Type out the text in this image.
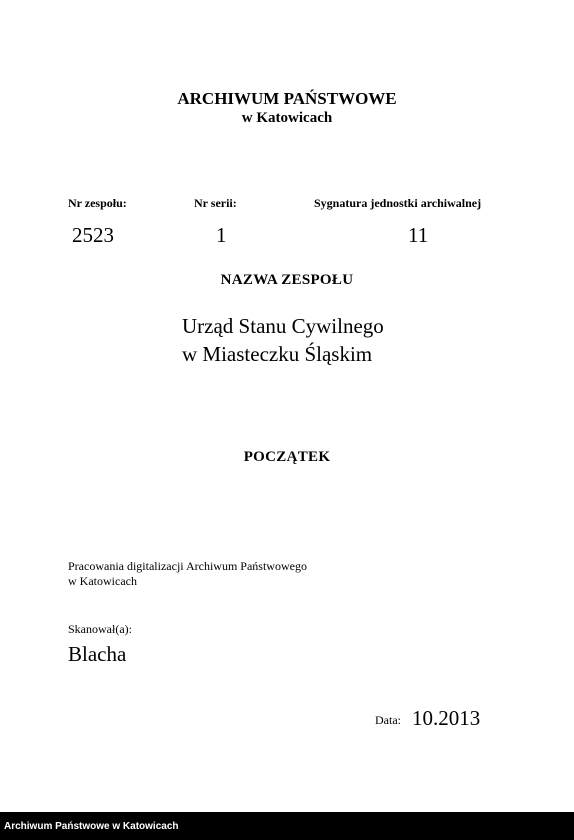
ARCHIWUM PAŃSTWOWE
w Katowicach
Nr zespołu:	Nr serii:	Sygnatura jednostki archiwalnej
2523	1	11
NAZWA ZESPOŁU
Urząd Stanu Cywilnego
w Miasteczku Śląskim
POCZĄTEK
Pracowania digitalizacji Archiwum Państwowego
w Katowicach
Skanował(a):
Blacha
Data: 10.2013
Archiwum Państwowe w Katowicach
